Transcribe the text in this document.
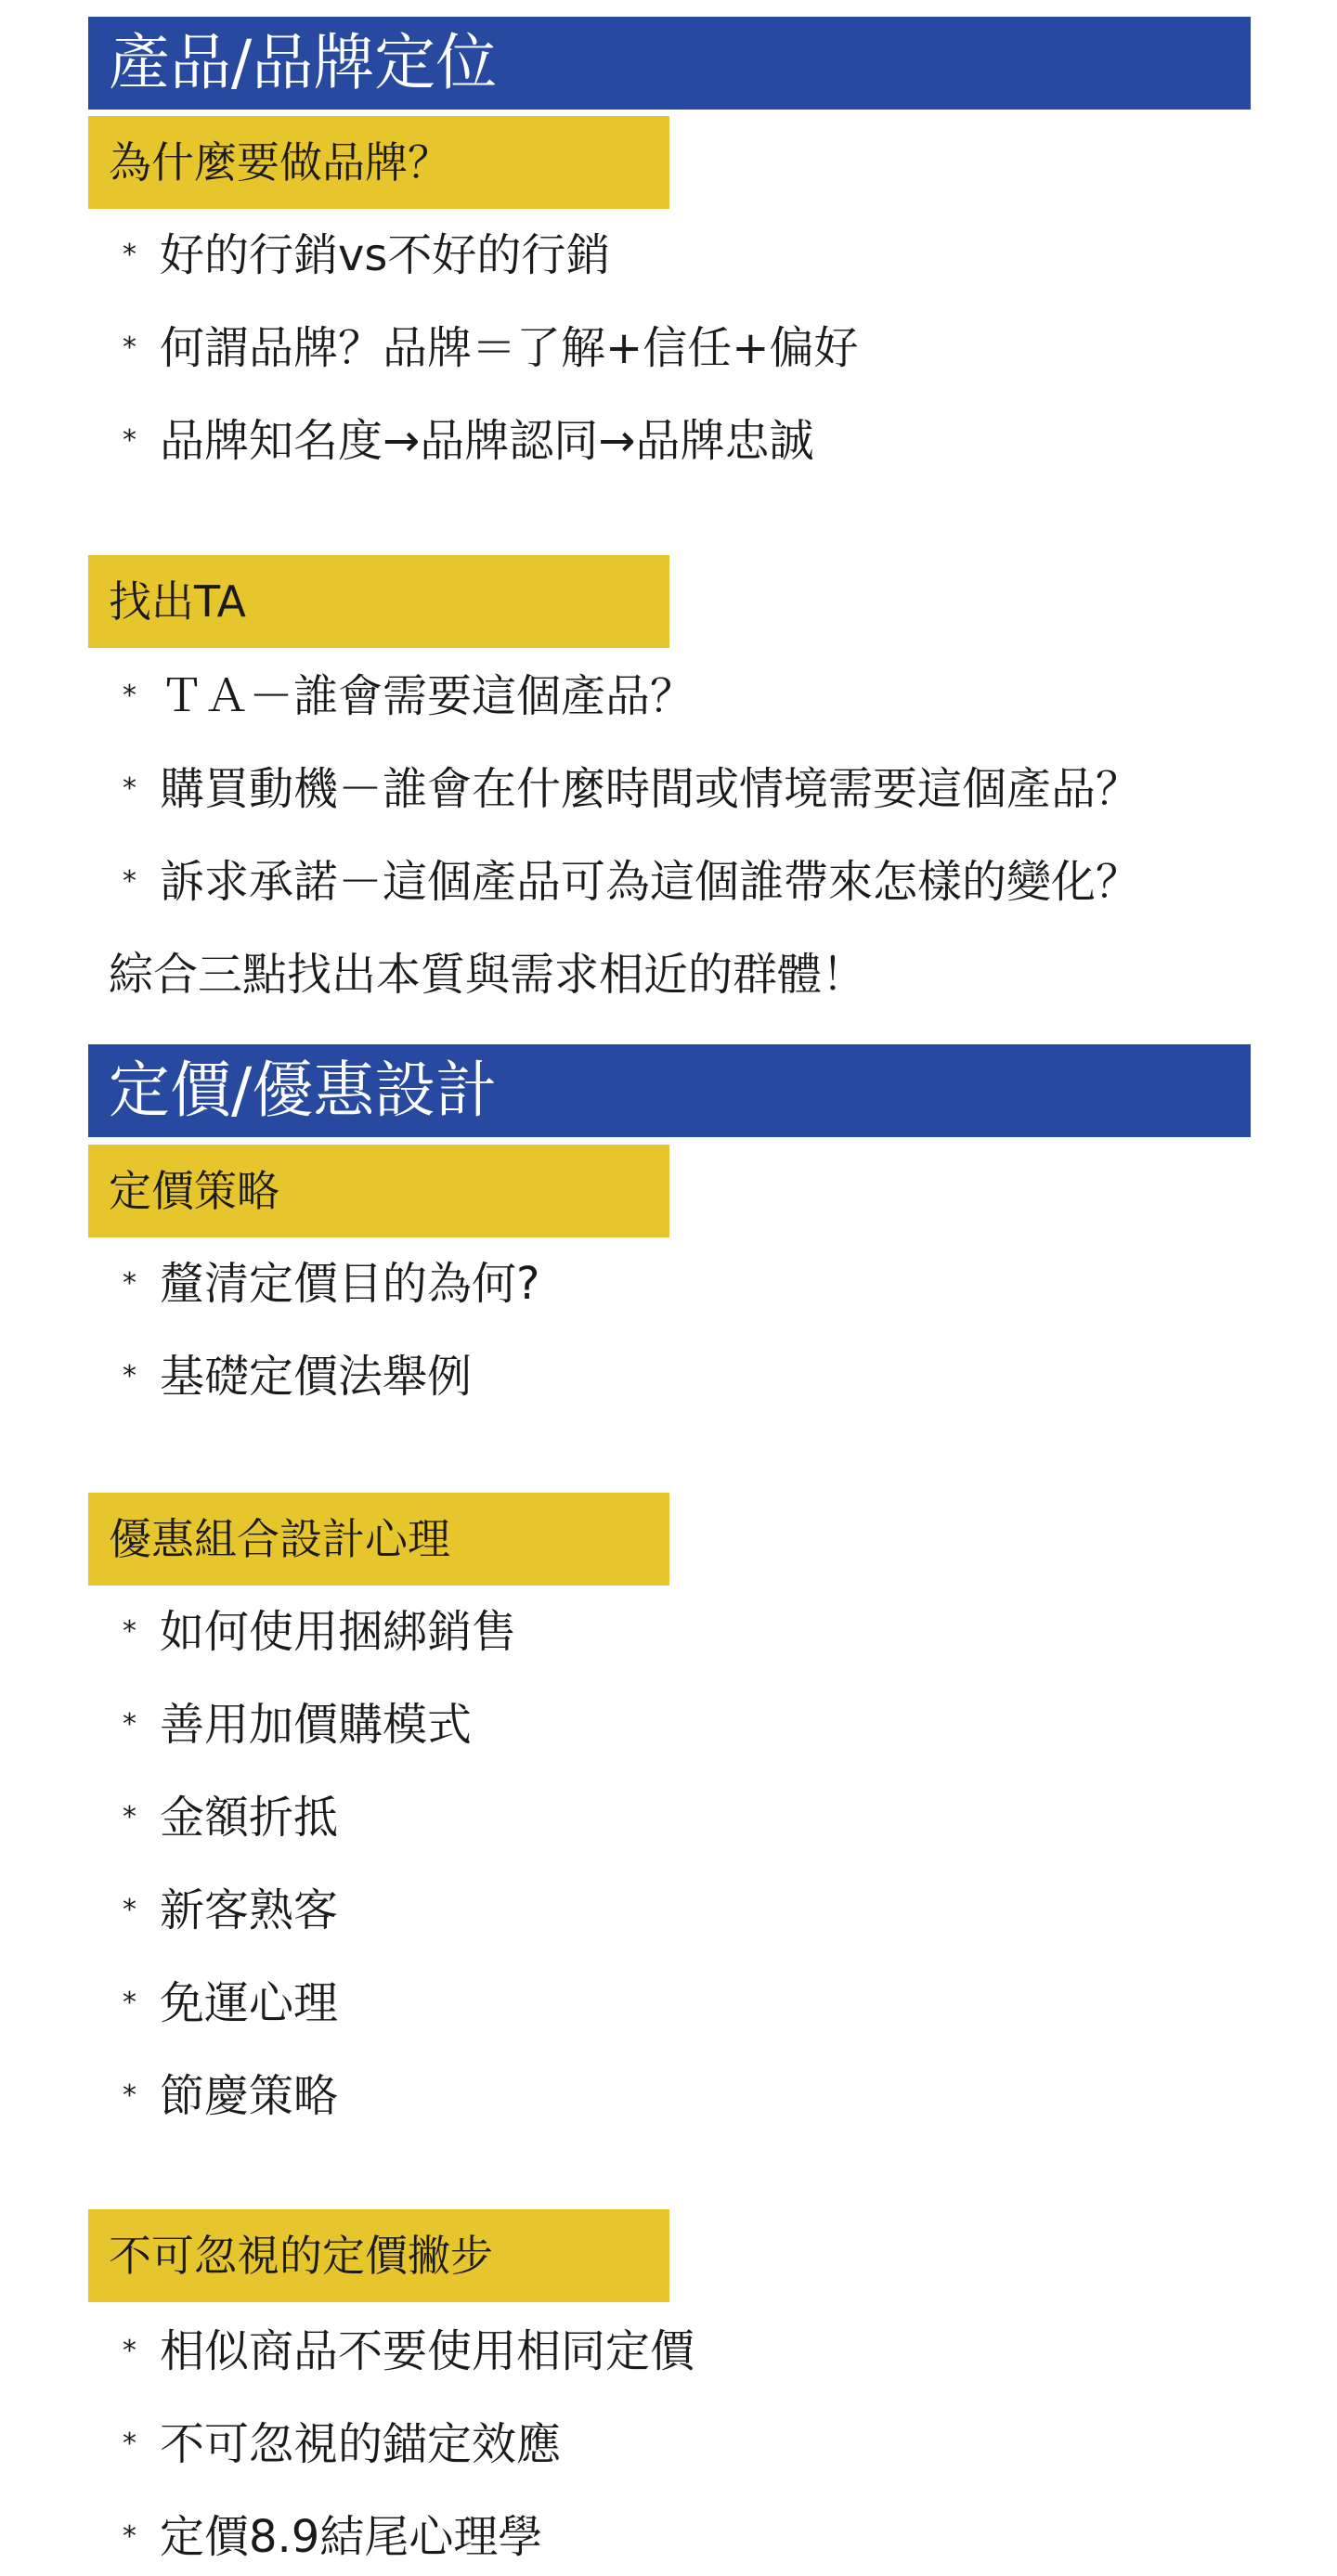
產品/品牌定位
為什麼要做品牌？
* 好的行銷vs不好的行銷
* 何謂品牌？品牌＝了解+信任+偏好
* 品牌知名度→品牌認同→品牌忠誠
找出TA
* ＴＡ－誰會需要這個產品？
* 購買動機－誰會在什麼時間或情境需要這個產品？
* 訴求承諾－這個產品可為這個誰帶來怎樣的變化？
綜合三點找出本質與需求相近的群體！
定價/優惠設計
定價策略
* 釐清定價目的為何?
* 基礎定價法舉例
優惠組合設計心理
* 如何使用捆綁銷售
* 善用加價購模式
* 金額折抵
* 新客熟客
* 免運心理
* 節慶策略
不可忽視的定價撇步
* 相似商品不要使用相同定價
* 不可忽視的錨定效應
* 定價8.9結尾心理學
